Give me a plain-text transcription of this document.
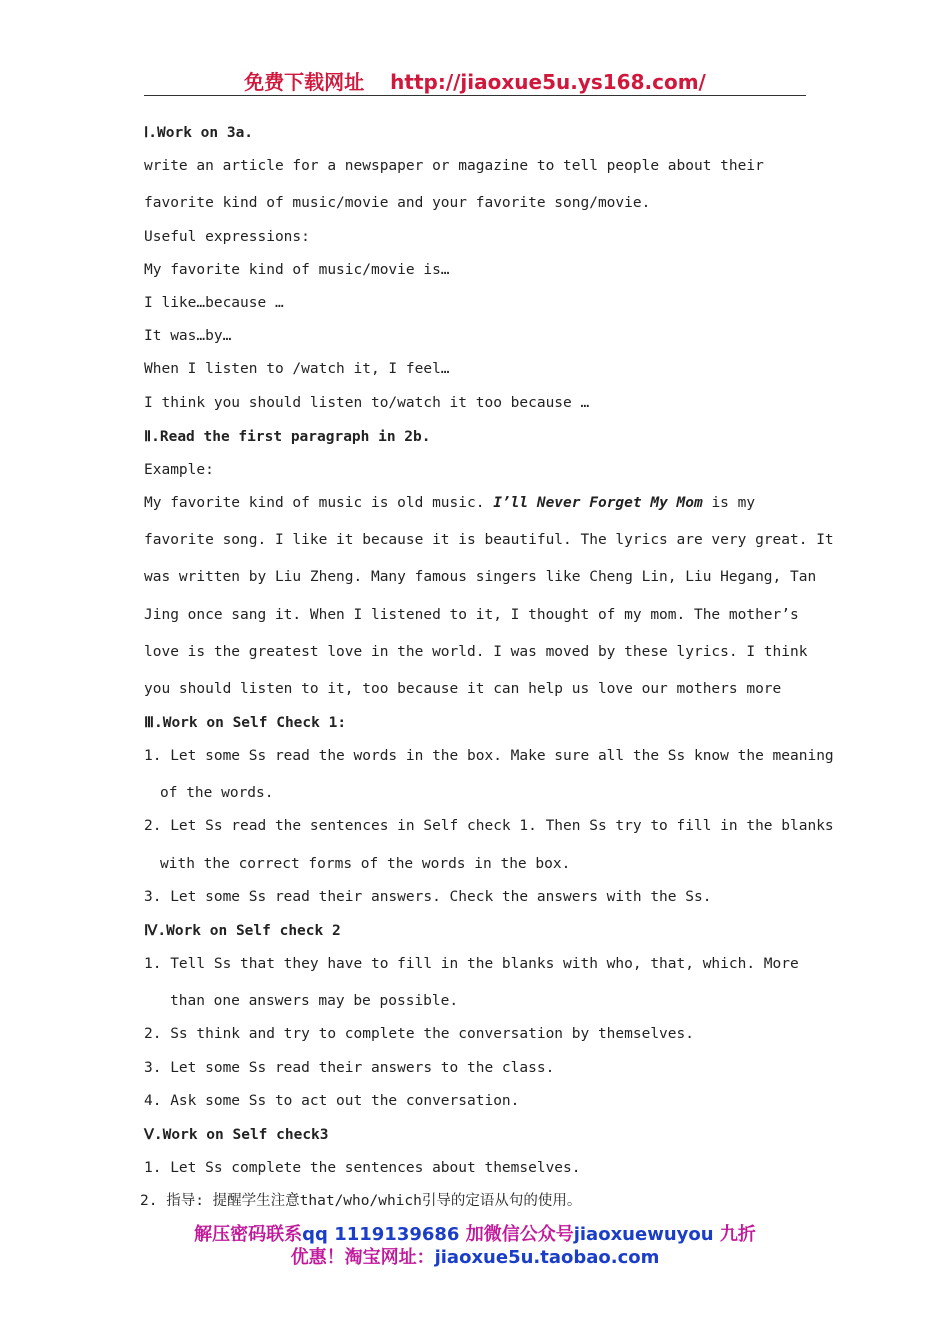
免费下载网址 http://jiaoxue5u.ys168.com/
Ⅰ.Work on 3a.
write an article for a newspaper or magazine to tell people about their
favorite kind of music/movie and your favorite song/movie.
Useful expressions:
My favorite kind of music/movie is…
I like…because …
It was…by…
When I listen to /watch it, I feel…
I think you should listen to/watch it too because …
Ⅱ.Read the first paragraph in 2b.
Example:
My favorite kind of music is old music. I’ll Never Forget My Mom is my
favorite song. I like it because it is beautiful. The lyrics are very great. It
was written by Liu Zheng. Many famous singers like Cheng Lin, Liu Hegang, Tan
Jing once sang it. When I listened to it, I thought of my mom. The mother’s
love is the greatest love in the world. I was moved by these lyrics. I think
you should listen to it, too because it can help us love our mothers more
Ⅲ.Work on Self Check 1:
1. Let some Ss read the words in the box. Make sure all the Ss know the meaning
of the words.
2. Let Ss read the sentences in Self check 1. Then Ss try to fill in the blanks
with the correct forms of the words in the box.
3. Let some Ss read their answers. Check the answers with the Ss.
Ⅳ.Work on Self check 2
1. Tell Ss that they have to fill in the blanks with who, that, which. More
than one answers may be possible.
2. Ss think and try to complete the conversation by themselves.
3. Let some Ss read their answers to the class.
4. Ask some Ss to act out the conversation.
Ⅴ.Work on Self check3
1. Let Ss complete the sentences about themselves.
2. 指导: 提醒学生注意that/who/which引导的定语从句的使用。
解压密码联系qq 1119139686 加微信公众号jiaoxuewuyou 九折
优惠！淘宝网址：jiaoxue5u.taobao.com
